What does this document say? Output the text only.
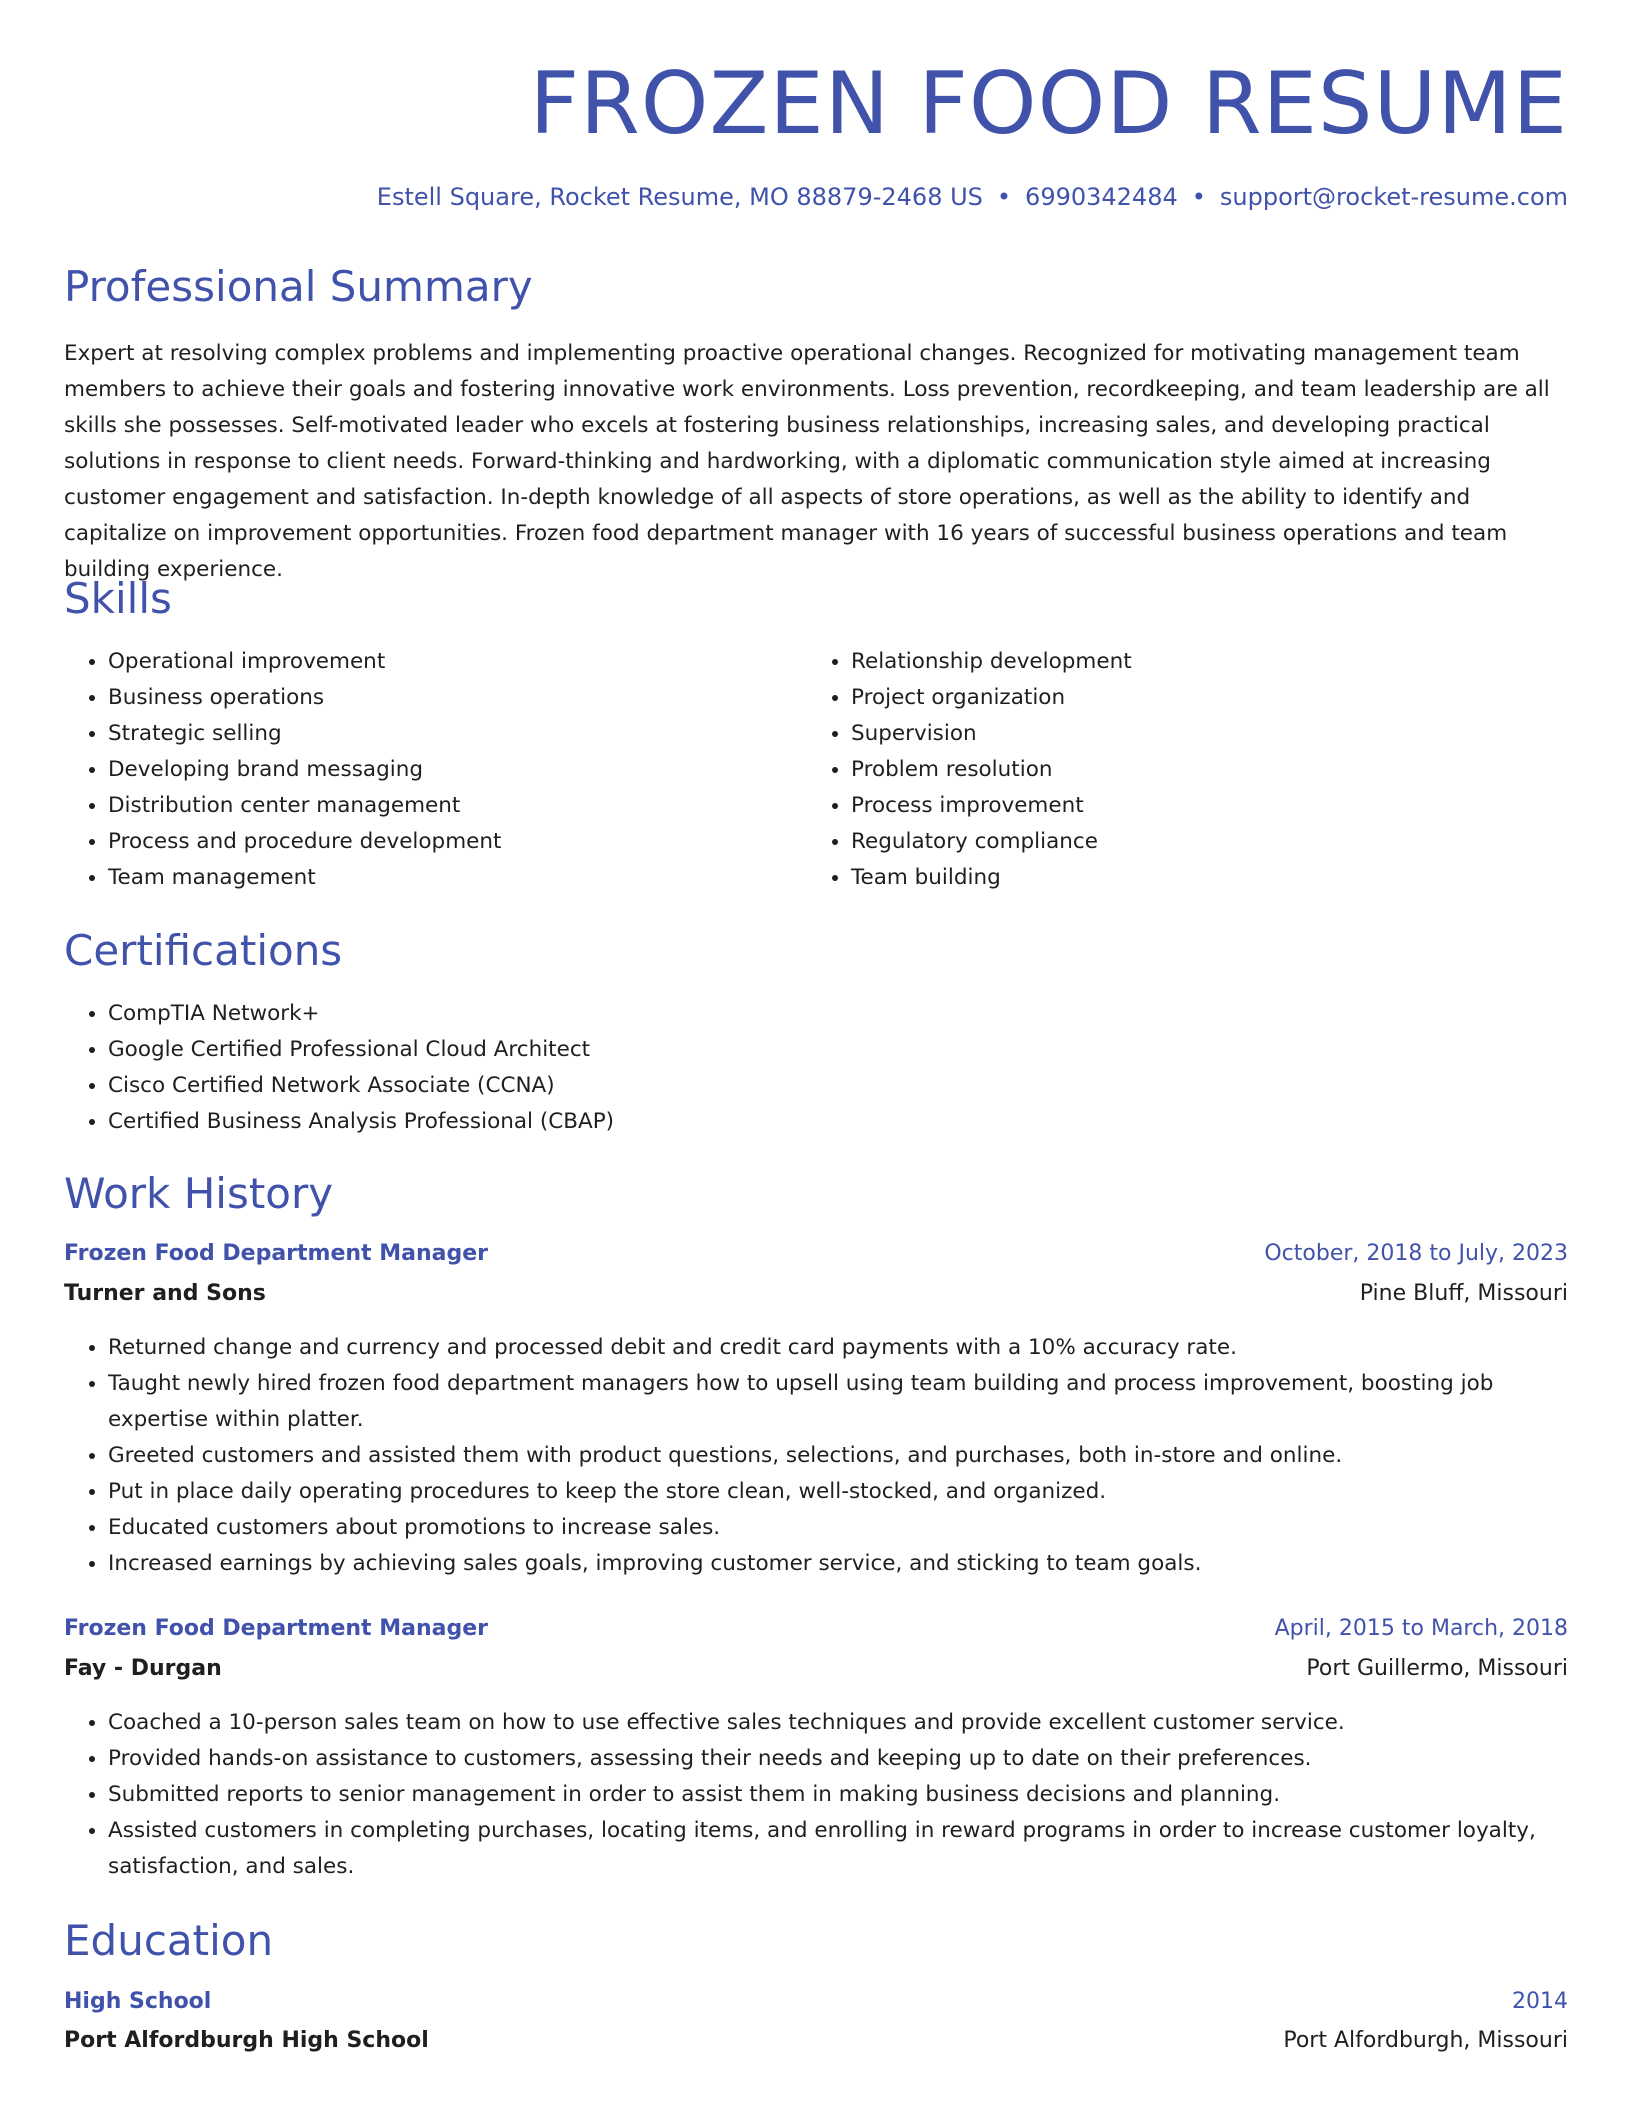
FROZEN FOOD RESUME
Estell Square, Rocket Resume, MO 88879-2468 US • 6990342484 • support@rocket-resume.com
Professional Summary

Expert at resolving complex problems and implementing proactive operational changes. Recognized for motivating management team members to achieve their goals and fostering innovative work environments. Loss prevention, recordkeeping, and team leadership are all skills she possesses. Self-motivated leader who excels at fostering business relationships, increasing sales, and developing practical solutions in response to client needs. Forward-thinking and hardworking, with a diplomatic communication style aimed at increasing customer engagement and satisfaction. In-depth knowledge of all aspects of store operations, as well as the ability to identify and capitalize on improvement opportunities. Frozen food department manager with 16 years of successful business operations and team building experience.

Skills
• Operational improvement
• Business operations
• Strategic selling
• Developing brand messaging
• Distribution center management
• Process and procedure development
• Team management
• Relationship development
• Project organization
• Supervision
• Problem resolution
• Process improvement
• Regulatory compliance
• Team building
Certifications
• CompTIA Network+
• Google Certified Professional Cloud Architect
• Cisco Certified Network Associate (CCNA)
• Certified Business Analysis Professional (CBAP)
Work History
Frozen Food Department Manager	October, 2018 to July, 2023
Turner and Sons	Pine Bluff, Missouri
• Returned change and currency and processed debit and credit card payments with a 10% accuracy rate.
• Taught newly hired frozen food department managers how to upsell using team building and process improvement, boosting job expertise within platter.
• Greeted customers and assisted them with product questions, selections, and purchases, both in-store and online.
• Put in place daily operating procedures to keep the store clean, well-stocked, and organized.
• Educated customers about promotions to increase sales.
• Increased earnings by achieving sales goals, improving customer service, and sticking to team goals.
Frozen Food Department Manager	April, 2015 to March, 2018
Fay - Durgan	Port Guillermo, Missouri
• Coached a 10-person sales team on how to use effective sales techniques and provide excellent customer service.
• Provided hands-on assistance to customers, assessing their needs and keeping up to date on their preferences.
• Submitted reports to senior management in order to assist them in making business decisions and planning.
• Assisted customers in completing purchases, locating items, and enrolling in reward programs in order to increase customer loyalty, satisfaction, and sales.
Education
High School	2014
Port Alfordburgh High School	Port Alfordburgh, Missouri
